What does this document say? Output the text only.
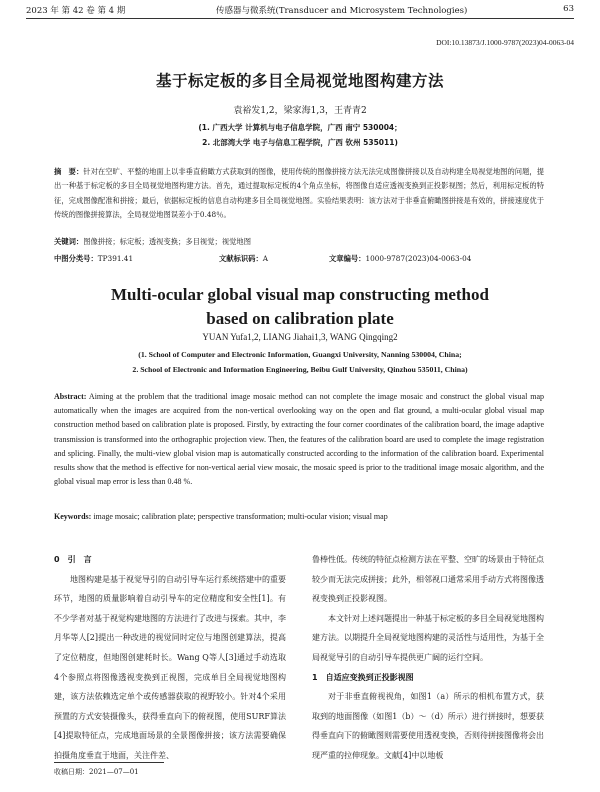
2023 年 第 42 卷 第 4 期	传感器与微系统(Transducer and Microsystem Technologies)	63
DOI:10.13873/J.1000-9787(2023)04-0063-04
基于标定板的多目全局视觉地图构建方法
袁裕发1,2，梁家海1,3，王青青2
(1. 广西大学 计算机与电子信息学院，广西 南宁 530004；
2. 北部湾大学 电子与信息工程学院，广西 钦州 535011)
摘　要：针对在空旷、平整的地面上以非垂直俯瞰方式获取到的图像，使用传统的图像拼接方法无法完成图像拼接以及自动构建全局视觉地图的问题，提出一种基于标定板的多目全局视觉地图构建方法。首先，通过提取标定板的4个角点坐标，将图像自适应透视变换到正投影视图；然后，利用标定板的特征，完成图像配准和拼接；最后，依据标定板的信息自动构建多目全局视觉地图。实验结果表明：该方法对于非垂直俯瞰图拼接是有效的，拼接速度优于传统的图像拼接算法，全局视觉地图误差小于0.48％。
关键词：图像拼接；标定板；透视变换；多目视觉；视觉地图
中图分类号：TP391.41	文献标识码：A	文章编号：1000-9787(2023)04-0063-04
Multi-ocular global visual map constructing method
based on calibration plate
YUAN Yufa1,2, LIANG Jiahai1,3, WANG Qingqing2
(1. School of Computer and Electronic Information, Guangxi University, Nanning 530004, China;
2. School of Electronic and Information Engineering, Beibu Gulf University, Qinzhou 535011, China)
Abstract: Aiming at the problem that the traditional image mosaic method can not complete the image mosaic and construct the global visual map automatically when the images are acquired from the non-vertical overlooking way on the open and flat ground, a multi-ocular global visual map construction method based on calibration plate is proposed. Firstly, by extracting the four corner coordinates of the calibration board, the image adaptive transmission is transformed into the orthographic projection view. Then, the features of the calibration board are used to complete the image registration and splicing. Finally, the multi-view global vision map is automatically constructed according to the information of the calibration board. Experimental results show that the method is effective for non-vertical aerial view mosaic, the mosaic speed is prior to the traditional image mosaic algorithm, and the global visual map error is less than 0.48 %.
Keywords: image mosaic; calibration plate; perspective transformation; multi-ocular vision; visual map
0　引　言

地图构建是基于视觉导引的自动引导车运行系统搭建中的重要环节，地图的质量影响着自动引导车的定位精度和安全性[1]。有不少学者对基于视觉构建地图的方法进行了改进与探索。其中，李月华等人[2]提出一种改进的视觉同时定位与地图创建算法，提高了定位精度，但地图创建耗时长。Wang Q等人[3]通过手动选取4个参照点将图像透视变换到正视图，完成单目全局视觉地图构建，该方法依赖选定单个或传感器获取的视野较小。针对4个采用预置的方式安装摄像头，获得垂直向下的俯视图，使用SURF算法[4]提取特征点，完成地面场景的全景图像拼接；该方法需要确保拍摄角度垂直于地面，关注件差、

鲁棒性低。传统的特征点检测方法在平整、空旷的场景由于特征点较少而无法完成拼接；此外，相邻视口通常采用手动方式将图像透视变换到正投影视图。

本文针对上述问题提出一种基于标定板的多目全局视觉地图构建方法。以期提升全局视觉地图构建的灵活性与适用性，为基于全局视觉导引的自动引导车提供更广阔的运行空间。

1　自适应变换到正投影视图

对于非垂直俯视视角，如图1（a）所示的相机布置方式，获取到的地面图像（如图1（b）～（d）所示）进行拼接时，想要获得垂直向下的俯瞰图则需要使用透视变换，否则待拼接图像将会出现严重的拉伸现象。文献[4]中以地板

收稿日期：2021—07—01
